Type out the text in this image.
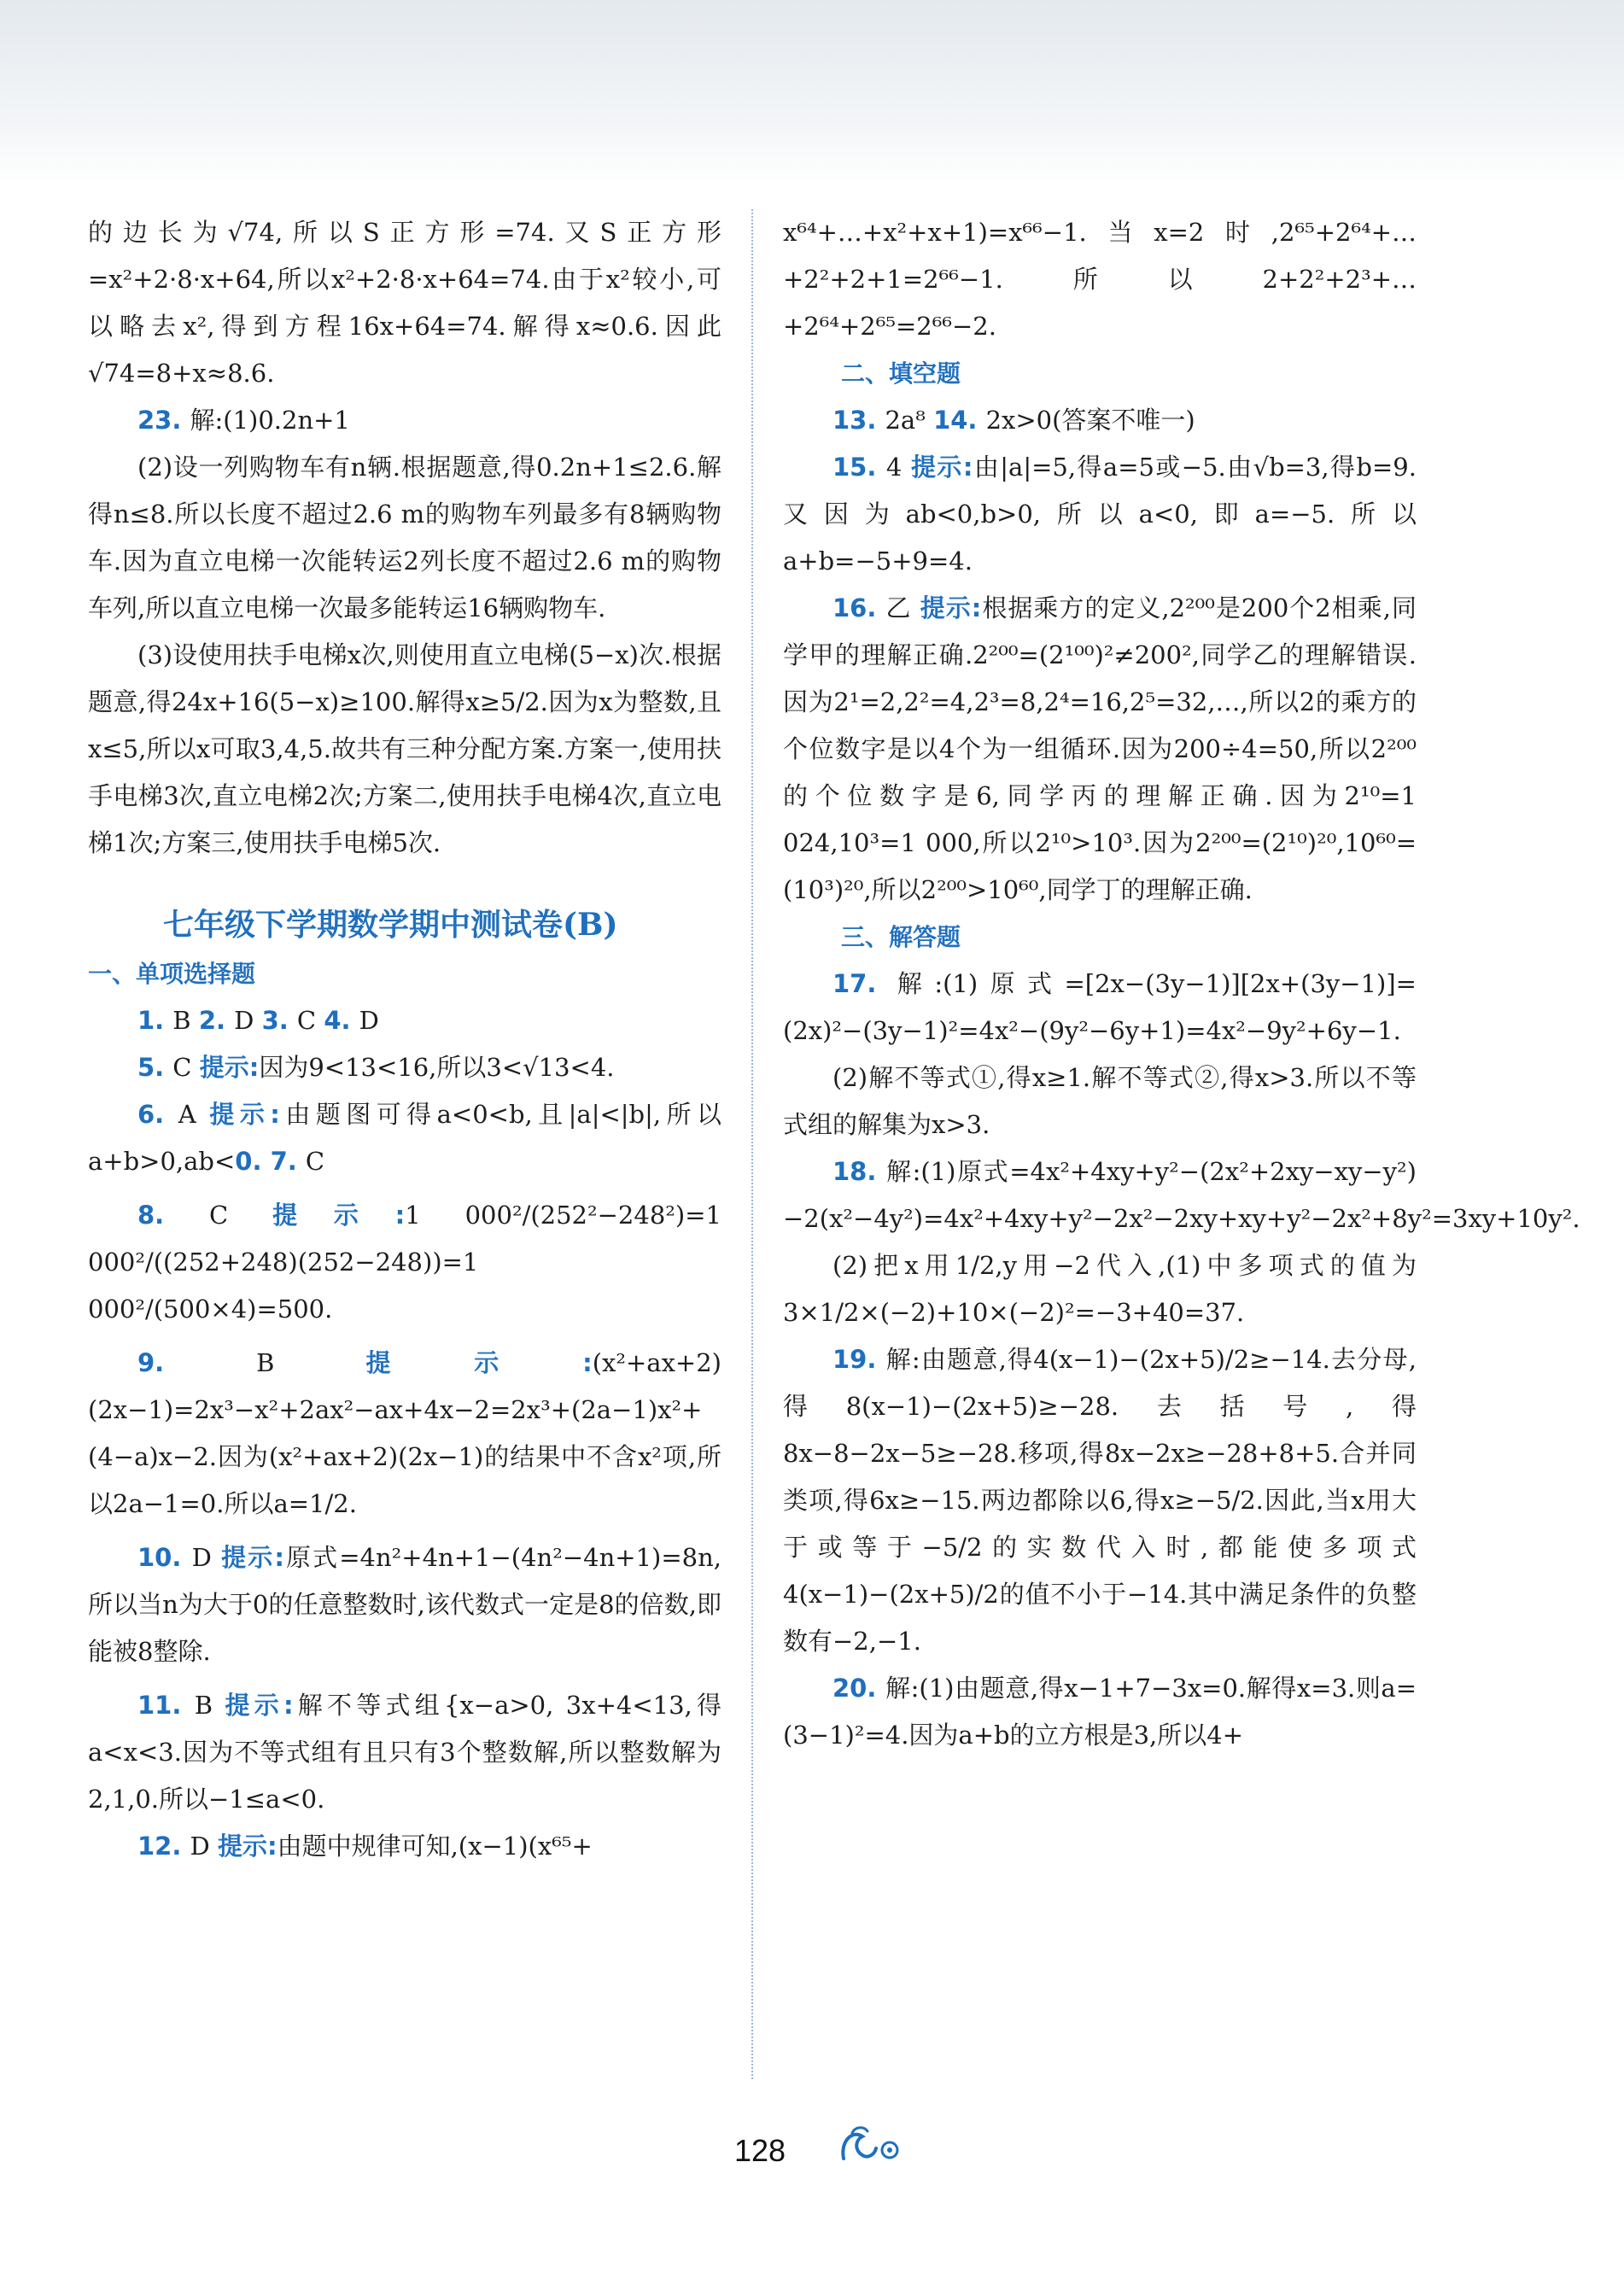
的边长为√74,所以S正方形=74.又S正方形=x²+2·8·x+64,所以x²+2·8·x+64=74.由于x²较小,可以略去x²,得到方程16x+64=74.解得x≈0.6.因此√74=8+x≈8.6.

23. 解:(1)0.2n+1

(2)设一列购物车有n辆.根据题意,得0.2n+1≤2.6.解得n≤8.所以长度不超过2.6 m的购物车列最多有8辆购物车.因为直立电梯一次能转运2列长度不超过2.6 m的购物车列,所以直立电梯一次最多能转运16辆购物车.

(3)设使用扶手电梯x次,则使用直立电梯(5−x)次.根据题意,得24x+16(5−x)≥100.解得x≥5/2.因为x为整数,且x≤5,所以x可取3,4,5.故共有三种分配方案.方案一,使用扶手电梯3次,直立电梯2次;方案二,使用扶手电梯4次,直立电梯1次;方案三,使用扶手电梯5次.

七年级下学期数学期中测试卷(B)

一、单项选择题

1. B 2. D 3. C 4. D

5. C 提示:因为9<13<16,所以3<√13<4.

6. A 提示:由题图可得a<0<b,且|a|<|b|,所以a+b>0,ab<0. 7. C

8. C 提示:1 000²/(252²−248²)=1 000²/((252+248)(252−248))=1 000²/(500×4)=500.

9. B 提示:(x²+ax+2)(2x−1)=2x³−x²+2ax²−ax+4x−2=2x³+(2a−1)x²+(4−a)x−2.因为(x²+ax+2)(2x−1)的结果中不含x²项,所以2a−1=0.所以a=1/2.

10. D 提示:原式=4n²+4n+1−(4n²−4n+1)=8n,所以当n为大于0的任意整数时,该代数式一定是8的倍数,即能被8整除.

11. B 提示:解不等式组{x−a>0, 3x+4<13,得a<x<3.因为不等式组有且只有3个整数解,所以整数解为2,1,0.所以−1≤a<0.

12. D 提示:由题中规律可知,(x−1)(x⁶⁵+

x⁶⁴+…+x²+x+1)=x⁶⁶−1.当x=2时,2⁶⁵+2⁶⁴+…+2²+2+1=2⁶⁶−1.所以2+2²+2³+…+2⁶⁴+2⁶⁵=2⁶⁶−2.

二、填空题

13. 2a⁸ 14. 2x>0(答案不唯一)

15. 4 提示:由|a|=5,得a=5或−5.由√b=3,得b=9.又因为ab<0,b>0,所以a<0,即a=−5.所以a+b=−5+9=4.

16. 乙 提示:根据乘方的定义,2²⁰⁰是200个2相乘,同学甲的理解正确.2²⁰⁰=(2¹⁰⁰)²≠200²,同学乙的理解错误.因为2¹=2,2²=4,2³=8,2⁴=16,2⁵=32,…,所以2的乘方的个位数字是以4个为一组循环.因为200÷4=50,所以2²⁰⁰的个位数字是6,同学丙的理解正确.因为2¹⁰=1 024,10³=1 000,所以2¹⁰>10³.因为2²⁰⁰=(2¹⁰)²⁰,10⁶⁰=(10³)²⁰,所以2²⁰⁰>10⁶⁰,同学丁的理解正确.

三、解答题

17. 解:(1)原式=[2x−(3y−1)][2x+(3y−1)]=(2x)²−(3y−1)²=4x²−(9y²−6y+1)=4x²−9y²+6y−1.

(2)解不等式①,得x≥1.解不等式②,得x>3.所以不等式组的解集为x>3.

18. 解:(1)原式=4x²+4xy+y²−(2x²+2xy−xy−y²)−2(x²−4y²)=4x²+4xy+y²−2x²−2xy+xy+y²−2x²+8y²=3xy+10y².

(2)把x用1/2,y用−2代入,(1)中多项式的值为3×1/2×(−2)+10×(−2)²=−3+40=37.

19. 解:由题意,得4(x−1)−(2x+5)/2≥−14.去分母,得8(x−1)−(2x+5)≥−28.去括号,得8x−8−2x−5≥−28.移项,得8x−2x≥−28+8+5.合并同类项,得6x≥−15.两边都除以6,得x≥−5/2.因此,当x用大于或等于−5/2的实数代入时,都能使多项式4(x−1)−(2x+5)/2的值不小于−14.其中满足条件的负整数有−2,−1.

20. 解:(1)由题意,得x−1+7−3x=0.解得x=3.则a=(3−1)²=4.因为a+b的立方根是3,所以4+

128
